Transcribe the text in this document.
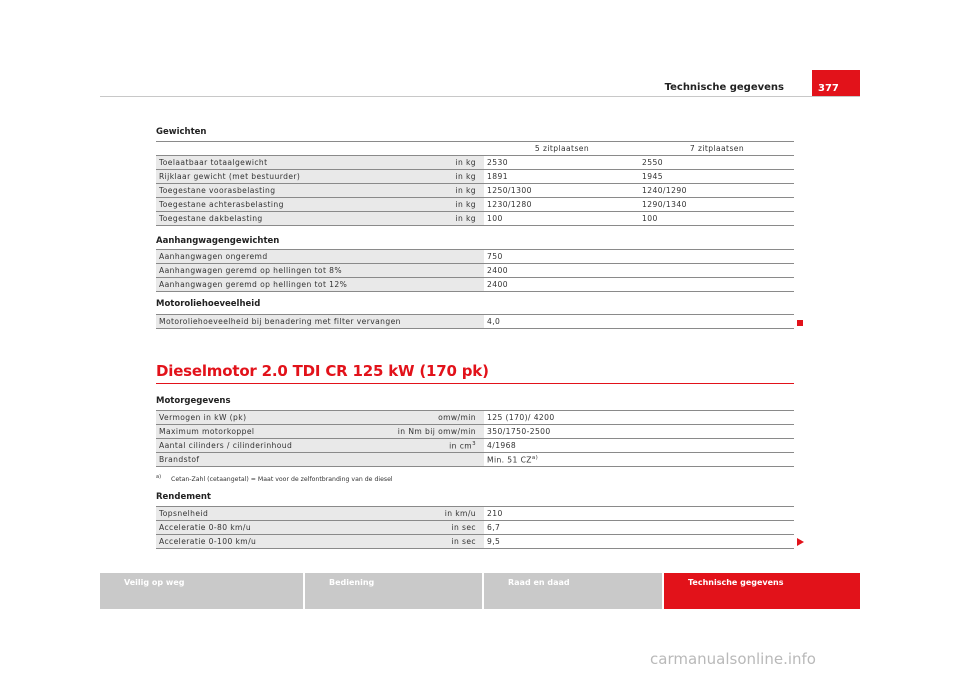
Technische gegevens	377
Gewichten
	5 zitplaatsen	7 zitplaatsen
Toelaatbaar totaalgewicht in kg	2530	2550
Rijklaar gewicht (met bestuurder) in kg	1891	1945
Toegestane voorasbelasting in kg	1250/1300	1240/1290
Toegestane achterasbelasting in kg	1230/1280	1290/1340
Toegestane dakbelasting in kg	100	100
Aanhangwagengewichten
Aanhangwagen ongeremd	750
Aanhangwagen geremd op hellingen tot 8%	2400
Aanhangwagen geremd op hellingen tot 12%	2400
Motoroliehoeveelheid
Motoroliehoeveelheid bij benadering met filter vervangen	4,0
Dieselmotor 2.0 TDI CR 125 kW (170 pk)
Motorgegevens
Vermogen in kW (pk) omw/min	125 (170)/ 4200
Maximum motorkoppel in Nm bij omw/min	350/1750-2500
Aantal cilinders / cilinderinhoud in $cm^3$	4/1968
Brandstof	Min. 51 CZ$^{a)}$
$^{a)}$ Cetan-Zahl (cetaangetal) = Maat voor de zelfontbranding van de diesel
Rendement
Topsnelheid in km/u	210
Acceleratie 0-80 km/u in sec	6,7
Acceleratie 0-100 km/u in sec	9,5
Veilig op weg	Bediening	Raad en daad	Technische gegevens
carmanualsonline.info
